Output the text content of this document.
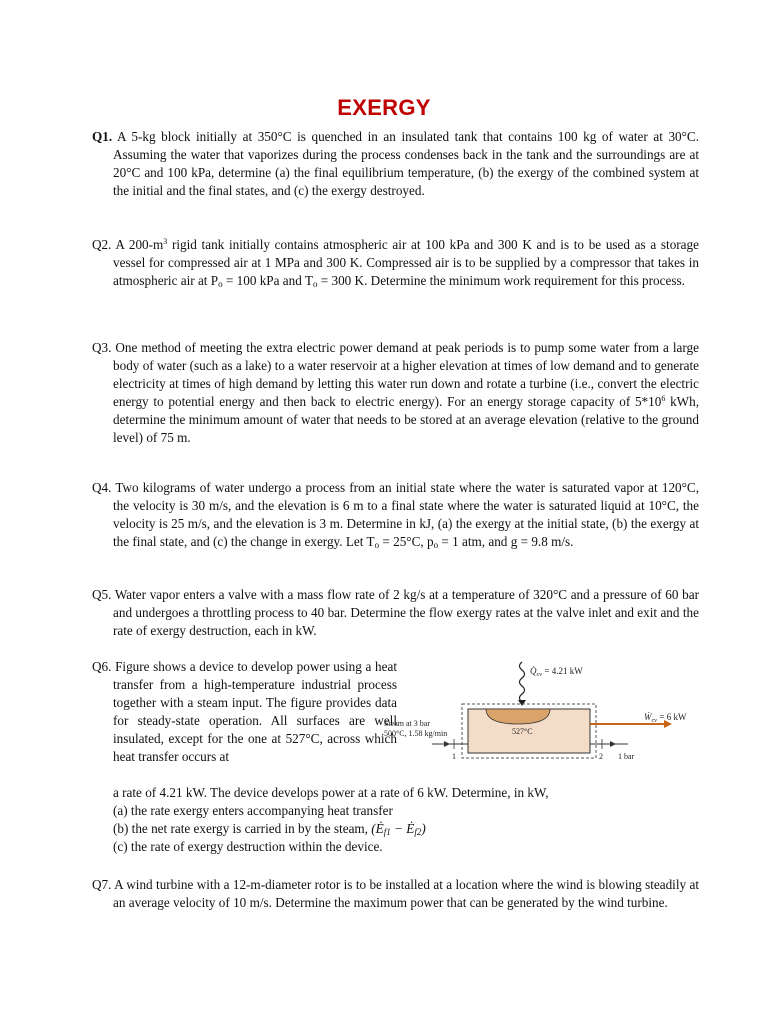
EXERGY
Q1. A 5-kg block initially at 350°C is quenched in an insulated tank that contains 100 kg of water at 30°C. Assuming the water that vaporizes during the process condenses back in the tank and the surroundings are at 20°C and 100 kPa, determine (a) the final equilibrium temperature, (b) the exergy of the combined system at the initial and the final states, and (c) the exergy destroyed.
Q2. A $200-m^3$ rigid tank initially contains atmospheric air at 100 kPa and 300 K and is to be used as a storage vessel for compressed air at 1 MPa and 300 K. Compressed air is to be supplied by a compressor that takes in atmospheric air at $P_o = 100$ kPa and $T_o = 300$ K. Determine the minimum work requirement for this process.
Q3. One method of meeting the extra electric power demand at peak periods is to pump some water from a large body of water (such as a lake) to a water reservoir at a higher elevation at times of low demand and to generate electricity at times of high demand by letting this water run down and rotate a turbine (i.e., convert the electric energy to potential energy and then back to electric energy). For an energy storage capacity of $5*10^6$ kWh, determine the minimum amount of water that needs to be stored at an average elevation (relative to the ground level) of 75 m.
Q4. Two kilograms of water undergo a process from an initial state where the water is saturated vapor at 120°C, the velocity is 30 m/s, and the elevation is 6 m to a final state where the water is saturated liquid at 10°C, the velocity is 25 m/s, and the elevation is 3 m. Determine in kJ, (a) the exergy at the initial state, (b) the exergy at the final state, and (c) the change in exergy. Let $T_o = 25^\circ C$, $p_o = 1$ atm, and g = 9.8 m/s.
Q5. Water vapor enters a valve with a mass flow rate of 2 kg/s at a temperature of 320°C and a pressure of 60 bar and undergoes a throttling process to 40 bar. Determine the flow exergy rates at the valve inlet and exit and the rate of exergy destruction, each in kW.
Q6. Figure shows a device to develop power using a heat transfer from a high-temperature industrial process together with a steam input. The figure provides data for steady-state operation. All surfaces are well insulated, except for the one at 527°C, across which heat transfer occurs at
a rate of 4.21 kW. The device develops power at a rate of 6 kW. Determine, in kW,
(a) the rate exergy enters accompanying heat transfer
(b) the net rate exergy is carried in by the steam, ($Ė_{f1}$ − $Ė_{f2}$)
(c) the rate of exergy destruction within the device.
$Q̇_{cv} = 4.21$ kW
527°C
Ẇ$_{cv}$ = 6 kW
Steam at 3 bar
500°C, 1.58 kg/min
1	2 1 bar
Q7. A wind turbine with a 12-m-diameter rotor is to be installed at a location where the wind is blowing steadily at an average velocity of 10 m/s. Determine the maximum power that can be generated by the wind turbine.
